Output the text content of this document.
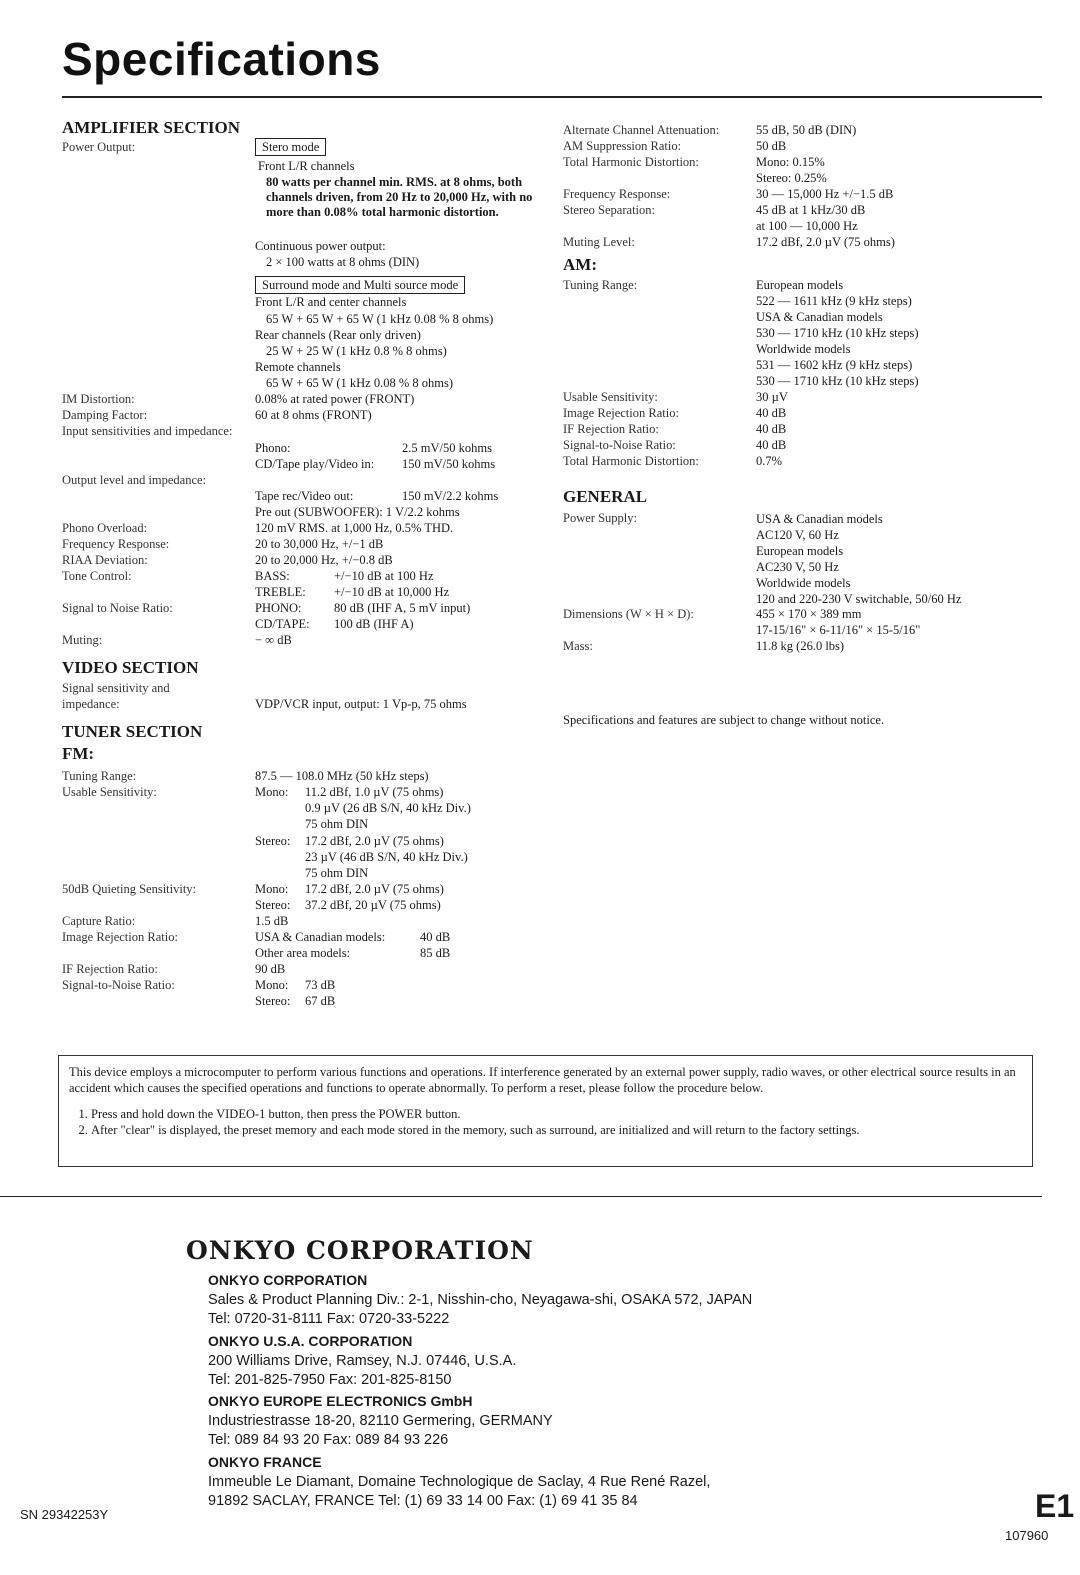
Specifications
AMPLIFIER SECTION
Power Output:	Stero mode
Front L/R channels
80 watts per channel min. RMS. at 8 ohms, both channels driven, from 20 Hz to 20,000 Hz, with no more than 0.08% total harmonic distortion.
Continuous power output:
2 × 100 watts at 8 ohms (DIN)
Surround mode and Multi source mode
Front L/R and center channels
65 W + 65 W + 65 W (1 kHz 0.08 % 8 ohms)
Rear channels (Rear only driven)
25 W + 25 W (1 kHz 0.8 % 8 ohms)
Remote channels
65 W + 65 W (1 kHz 0.08 % 8 ohms)
IM Distortion:	0.08% at rated power (FRONT)
Damping Factor:	60 at 8 ohms (FRONT)
Input sensitivities and impedance:
Phono:	2.5 mV/50 kohms
CD/Tape play/Video in: 150 mV/50 kohms
Output level and impedance:
Tape rec/Video out:	150 mV/2.2 kohms
Pre out (SUBWOOFER): 1 V/2.2 kohms
Phono Overload:	120 mV RMS. at 1,000 Hz, 0.5% THD.
Frequency Response:	20 to 30,000 Hz, +/−1 dB
RIAA Deviation:	20 to 20,000 Hz, +/−0.8 dB
Tone Control:	BASS:	+/−10 dB at 100 Hz
TREBLE: +/−10 dB at 10,000 Hz
Signal to Noise Ratio:	PHONO:	80 dB (IHF A, 5 mV input)
CD/TAPE: 100 dB (IHF A)
Muting:	− ∞ dB
VIDEO SECTION
Signal sensitivity and
impedance:	VDP/VCR input, output: 1 Vp-p, 75 ohms
TUNER SECTION
FM:
Tuning Range:	87.5 — 108.0 MHz (50 kHz steps)
Usable Sensitivity:	Mono: 11.2 dBf, 1.0 µV (75 ohms)
0.9 µV (26 dB S/N, 40 kHz Div.)
75 ohm DIN
Stereo: 17.2 dBf, 2.0 µV (75 ohms)
23 µV (46 dB S/N, 40 kHz Div.)
75 ohm DIN
50dB Quieting Sensitivity:	Mono: 17.2 dBf, 2.0 µV (75 ohms)
Stereo: 37.2 dBf, 20 µV (75 ohms)
Capture Ratio:	1.5 dB
Image Rejection Ratio:	USA & Canadian models:	40 dB
Other area models:	85 dB
IF Rejection Ratio:	90 dB
Signal-to-Noise Ratio:	Mono: 73 dB
Stereo: 67 dB
Alternate Channel Attenuation:	55 dB, 50 dB (DIN)
AM Suppression Ratio:	50 dB
Total Harmonic Distortion:	Mono: 0.15%
Stereo: 0.25%
Frequency Response:	30 — 15,000 Hz +/−1.5 dB
Stereo Separation:	45 dB at 1 kHz/30 dB
at 100 — 10,000 Hz
Muting Level:	17.2 dBf, 2.0 µV (75 ohms)
AM:
Tuning Range:	European models
522 — 1611 kHz (9 kHz steps)
USA & Canadian models
530 — 1710 kHz (10 kHz steps)
Worldwide models
531 — 1602 kHz (9 kHz steps)
530 — 1710 kHz (10 kHz steps)
Usable Sensitivity:	30 µV
Image Rejection Ratio:	40 dB
IF Rejection Ratio:	40 dB
Signal-to-Noise Ratio:	40 dB
Total Harmonic Distortion:	0.7%
GENERAL
Power Supply:	USA & Canadian models
AC120 V, 60 Hz
European models
AC230 V, 50 Hz
Worldwide models
120 and 220-230 V switchable, 50/60 Hz
Dimensions (W × H × D):	455 × 170 × 389 mm
17-15/16" × 6-11/16" × 15-5/16"
Mass:	11.8 kg (26.0 lbs)
Specifications and features are subject to change without notice.

This device employs a microcomputer to perform various functions and operations. If interference generated by an external power supply, radio waves, or other electrical source results in an accident which causes the specified operations and functions to operate abnormally. To perform a reset, please follow the procedure below.

1. Press and hold down the VIDEO-1 button, then press the POWER button.
2. After "clear" is displayed, the preset memory and each mode stored in the memory, such as surround, are initialized and will return to the factory settings.
ONKYO CORPORATION
ONKYO CORPORATION
Sales & Product Planning Div.: 2-1, Nisshin-cho, Neyagawa-shi, OSAKA 572, JAPAN
Tel: 0720-31-8111 Fax: 0720-33-5222
ONKYO U.S.A. CORPORATION
200 Williams Drive, Ramsey, N.J. 07446, U.S.A.
Tel: 201-825-7950 Fax: 201-825-8150
ONKYO EUROPE ELECTRONICS GmbH
Industriestrasse 18-20, 82110 Germering, GERMANY
Tel: 089 84 93 20 Fax: 089 84 93 226
ONKYO FRANCE
Immeuble Le Diamant, Domaine Technologique de Saclay, 4 Rue René Razel,
91892 SACLAY, FRANCE Tel: (1) 69 33 14 00 Fax: (1) 69 41 35 84
SN 29342253Y	E1
107960
